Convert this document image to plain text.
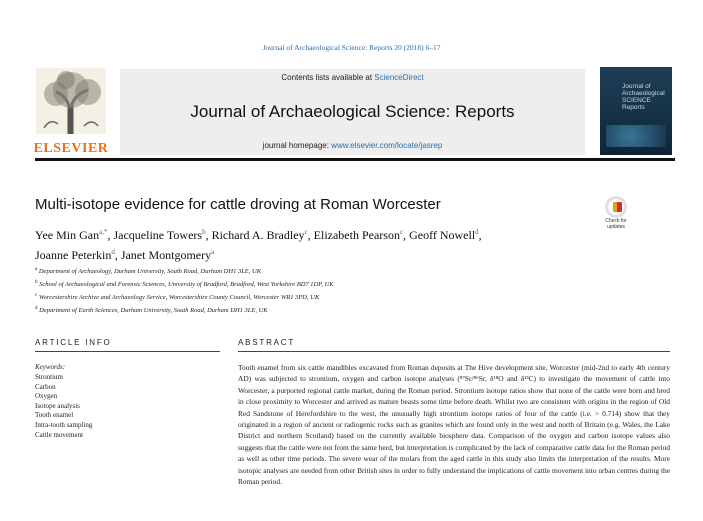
Journal of Archaeological Science: Reports 20 (2018) 6–17
ELSEVIER
Contents lists available at ScienceDirect
Journal of Archaeological Science: Reports
journal homepage: www.elsevier.com/locate/jasrep
Journal of
Archaeological
SCIENCE
Reports
Multi-isotope evidence for cattle droving at Roman Worcester
Check for
updates
Yee Min Gan$^{a,*}$, Jacqueline Towers$^b$, Richard A. Bradley$^c$, Elizabeth Pearson$^c$, Geoff Nowell$^d$,
Joanne Peterkin$^d$, Janet Montgomery$^a$
$^a$ Department of Archaeology, Durham University, South Road, Durham DH1 3LE, UK
$^b$ School of Archaeological and Forensic Sciences, University of Bradford, Bradford, West Yorkshire BD7 1DP, UK
$^c$ Worcestershire Archive and Archaeology Service, Worcestershire County Council, Worcester WR1 3PD, UK
$^d$ Department of Earth Sciences, Durham University, South Road, Durham DH1 3LE, UK
ARTICLE INFO
Keywords:
Strontium
Carbon
Oxygen
Isotope analysis
Tooth enamel
Intra-tooth sampling
Cattle movement
ABSTRACT
Tooth enamel from six cattle mandibles excavated from Roman deposits at The Hive development site, Worcester (mid-2nd to early 4th century AD) was subjected to strontium, oxygen and carbon isotope analyses (⁸⁷Sr/⁸⁶Sr, δ¹⁸O and δ¹³C) to investigate the movement of cattle into Worcester, a purported regional cattle market, during the Roman period. Strontium isotope ratios show that none of the cattle were born and bred in close proximity to Worcester and arrived as mature beasts some time before death. Whilst two are consistent with origins in the region of Old Red Sandstone of Herefordshire to the west, the unusually high strontium isotope ratios of four of the cattle (i.e. > 0.714) show that they originated in a region of ancient or radiogenic rocks such as granites which are found only in the west and north of Britain (e.g. Wales, the Lake District and northern Scotland) based on the currently available biosphere data. Comparison of the oxygen and carbon isotope values also suggests that the cattle were not from the same herd, but interpretation is complicated by the lack of comparative cattle data for the Roman period as well as other time periods. The severe wear of the molars from the aged cattle in this study also limits the interpretation of the results. More isotopic analyses are needed from other British sites in order to fully understand the implications of cattle movement into urban centres during the Roman period.
